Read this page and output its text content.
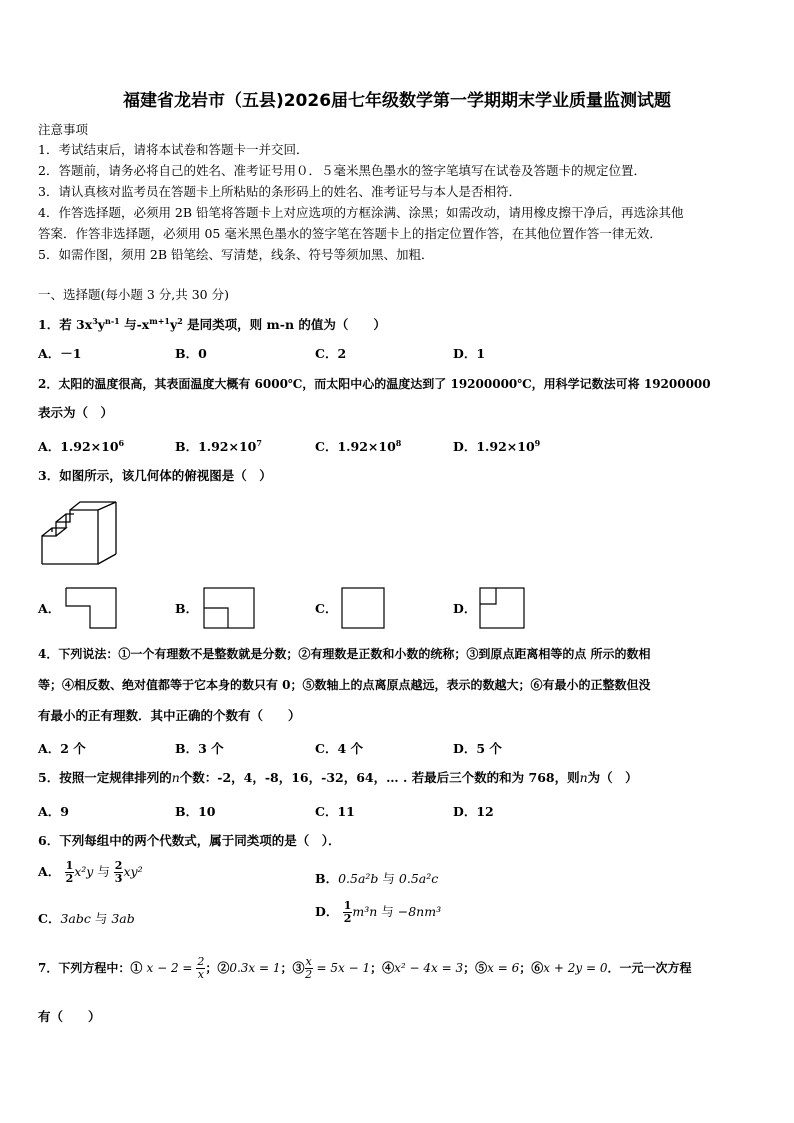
福建省龙岩市（五县)2026届七年级数学第一学期期末学业质量监测试题
注意事项
1．考试结束后，请将本试卷和答题卡一并交回．
2．答题前，请务必将自己的姓名、准考证号用０．５毫米黑色墨水的签字笔填写在试卷及答题卡的规定位置．
3．请认真核对监考员在答题卡上所粘贴的条形码上的姓名、准考证号与本人是否相符．
4．作答选择题，必须用 2B 铅笔将答题卡上对应选项的方框涂满、涂黑；如需改动，请用橡皮擦干净后，再选涂其他
答案．作答非选择题，必须用 05 毫米黑色墨水的签字笔在答题卡上的指定位置作答，在其他位置作答一律无效．
5．如需作图，须用 2B 铅笔绘、写清楚，线条、符号等须加黑、加粗．
一、选择题(每小题 3 分,共 30 分)
1．若 $3x^3y^{n-1}$ 与$-x^{m+1}y^2$ 是同类项，则 m-n 的值为（　　）
A．－1	B．0	C．2	D．1
2．太阳的温度很高，其表面温度大概有 6000℃，而太阳中心的温度达到了 19200000℃，用科学记数法可将 19200000
表示为（　）
A．$1.92\times 10^6$	B．$1.92\times 10^7$	C．$1.92\times 10^8$	D．$1.92\times 10^9$
3．如图所示，该几何体的俯视图是（　）
A．	B．	C．	D．
4．下列说法：①一个有理数不是整数就是分数；②有理数是正数和小数的统称；③到原点距离相等的点 所示的数相
等；④相反数、绝对值都等于它本身的数只有 0；⑤数轴上的点离原点越远，表示的数越大；⑥有最小的正整数但没
有最小的正有理数．其中正确的个数有（　　）
A．2 个	B．3 个	C．4 个	D．5 个
5．按照一定规律排列的n个数：-2，4，-8，16，-32，64，… . 若最后三个数的和为 768，则n为（　）
A．9	B．10	C．11	D．12
6．下列每组中的两个代数式，属于同类项的是（　）．
A． $\frac{1}{2} x^2y$ 与 $\frac{2}{3} xy^2$	B．0.5a²b 与 0.5a²c
C．3abc 与 3ab	D． $\frac{1}{2} m^3n$ 与 −8nm³
7．下列方程中：① $x - 2 = \frac{2}{x}$ ；②0.3x = 1；③ $\frac{x}{2} = 5x - 1$；④x² − 4x = 3；⑤x = 6；⑥x + 2y = 0．一元一次方程
有（　　）
